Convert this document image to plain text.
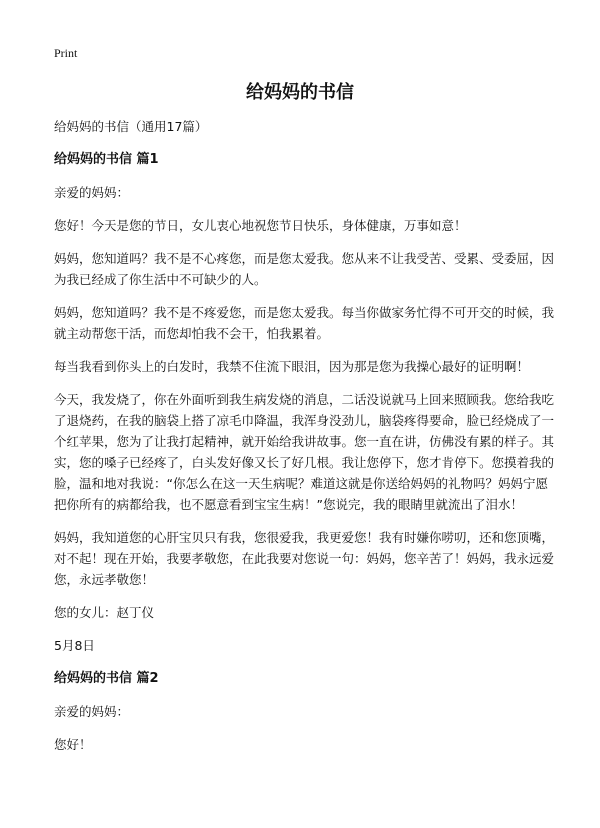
Print
给妈妈的书信

给妈妈的书信（通用17篇）

给妈妈的书信 篇1

亲爱的妈妈：

您好！今天是您的节日，女儿衷心地祝您节日快乐，身体健康，万事如意！

妈妈，您知道吗？我不是不心疼您，而是您太爱我。您从来不让我受苦、受累、受委屈，因为我已经成了你生活中不可缺少的人。

妈妈，您知道吗？我不是不疼爱您，而是您太爱我。每当你做家务忙得不可开交的时候，我就主动帮您干活，而您却怕我不会干，怕我累着。

每当我看到你头上的白发时，我禁不住流下眼泪，因为那是您为我操心最好的证明啊！

今天，我发烧了，你在外面听到我生病发烧的消息，二话没说就马上回来照顾我。您给我吃了退烧药，在我的脑袋上搭了凉毛巾降温，我浑身没劲儿，脑袋疼得要命，脸已经烧成了一个红苹果，您为了让我打起精神，就开始给我讲故事。您一直在讲，仿佛没有累的样子。其实，您的嗓子已经疼了，白头发好像又长了好几根。我让您停下，您才肯停下。您摸着我的脸，温和地对我说：“你怎么在这一天生病呢？难道这就是你送给妈妈的礼物吗？妈妈宁愿把你所有的病都给我，也不愿意看到宝宝生病！”您说完，我的眼睛里就流出了泪水！

妈妈，我知道您的心肝宝贝只有我，您很爱我，我更爱您！我有时嫌你唠叨，还和您顶嘴，对不起！现在开始，我要孝敬您，在此我要对您说一句：妈妈，您辛苦了！妈妈，我永远爱您，永远孝敬您！

您的女儿：赵丁仪

5月8日

给妈妈的书信 篇2

亲爱的妈妈：

您好！
